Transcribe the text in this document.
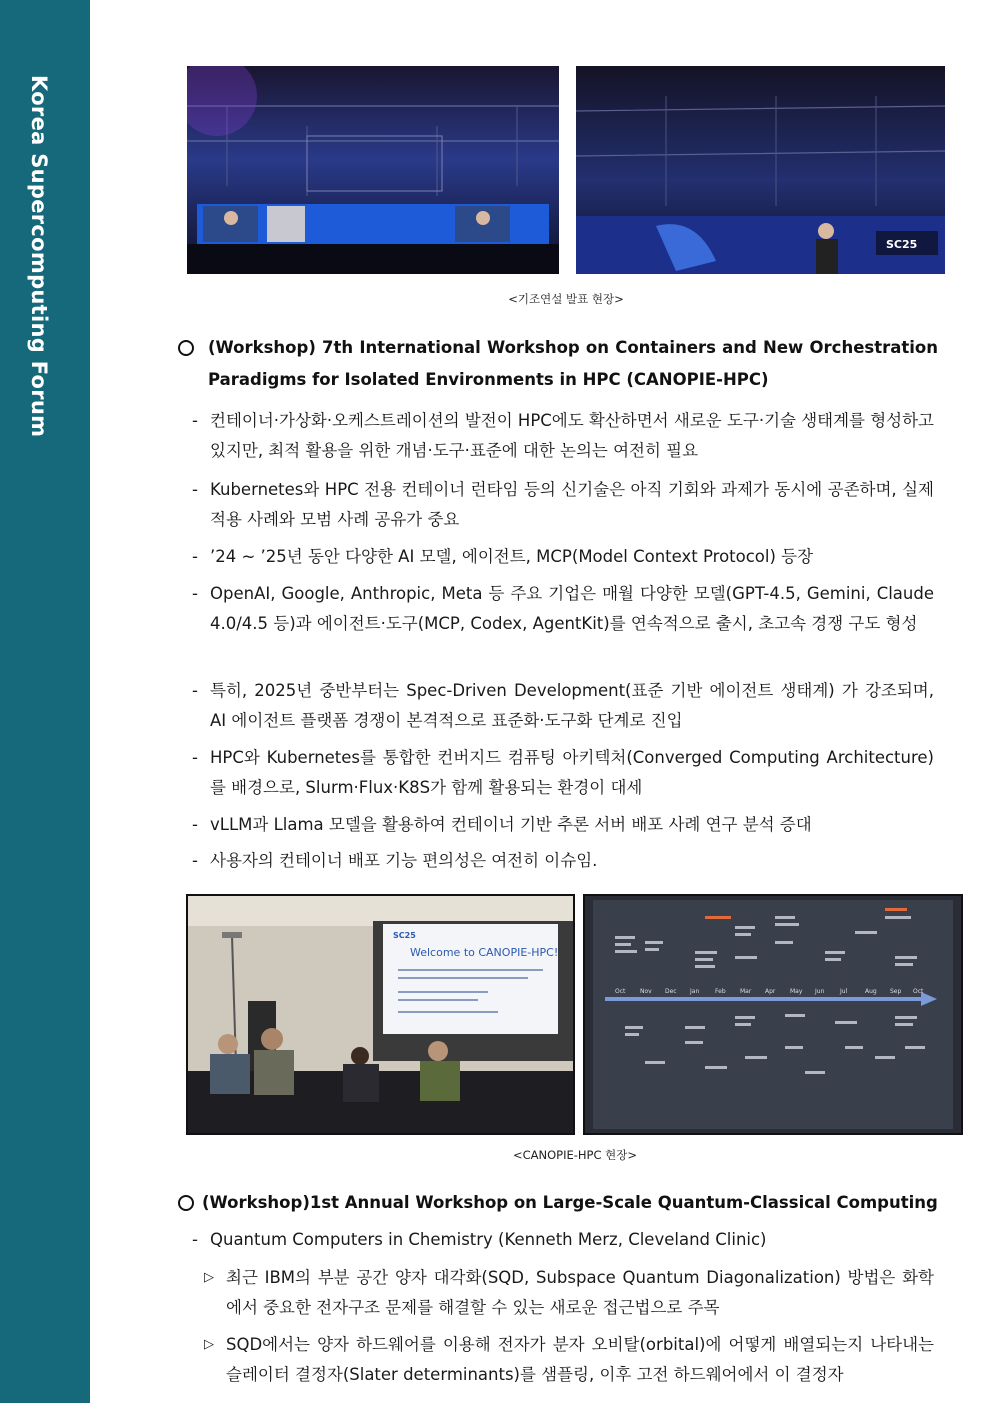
Korea Supercomputing Forum	SC25
<기조연설 발표 현장>
(Workshop) 7th International Workshop on Containers and New Orchestration Paradigms for Isolated Environments in HPC (CANOPIE-HPC)
- 컨테이너·가상화·오케스트레이션의 발전이 HPC에도 확산하면서 새로운 도구·기술 생태계를 형성하고 있지만, 최적 활용을 위한 개념·도구·표준에 대한 논의는 여전히 필요
- Kubernetes와 HPC 전용 컨테이너 런타임 등의 신기술은 아직 기회와 과제가 동시에 공존하며, 실제 적용 사례와 모범 사례 공유가 중요
- ’24 ~ ’25년 동안 다양한 AI 모델, 에이전트, MCP(Model Context Protocol) 등장
- OpenAI, Google, Anthropic, Meta 등 주요 기업은 매월 다양한 모델(GPT-4.5, Gemini, Claude 4.0/4.5 등)과 에이전트·도구(MCP, Codex, AgentKit)를 연속적으로 출시, 초고속 경쟁 구도 형성
- 특히, 2025년 중반부터는 Spec-Driven Development(표준 기반 에이전트 생태계) 가 강조되며, AI 에이전트 플랫폼 경쟁이 본격적으로 표준화·도구화 단계로 진입
- HPC와 Kubernetes를 통합한 컨버지드 컴퓨팅 아키텍처(Converged Computing Architecture)를 배경으로, Slurm·Flux·K8S가 함께 활용되는 환경이 대세
- vLLM과 Llama 모델을 활용하여 컨테이너 기반 추론 서버 배포 사례 연구 분석 증대
- 사용자의 컨테이너 배포 기능 편의성은 여전히 이슈임.
SC25
Welcome to CANOPIE-HPC!
Oct Nov Dec Jan	Feb Mar Apr May Jun	Jul	Aug Sep Oct
<CANOPIE-HPC 현장>
(Workshop)1st Annual Workshop on Large-Scale Quantum-Classical Computing
- Quantum Computers in Chemistry (Kenneth Merz, Cleveland Clinic)
▷ 최근 IBM의 부분 공간 양자 대각화(SQD, Subspace Quantum Diagonalization) 방법은 화학에서 중요한 전자구조 문제를 해결할 수 있는 새로운 접근법으로 주목
▷ SQD에서는 양자 하드웨어를 이용해 전자가 분자 오비탈(orbital)에 어떻게 배열되는지 나타내는 슬레이터 결정자(Slater determinants)를 샘플링, 이후 고전 하드웨어에서 이 결정자
